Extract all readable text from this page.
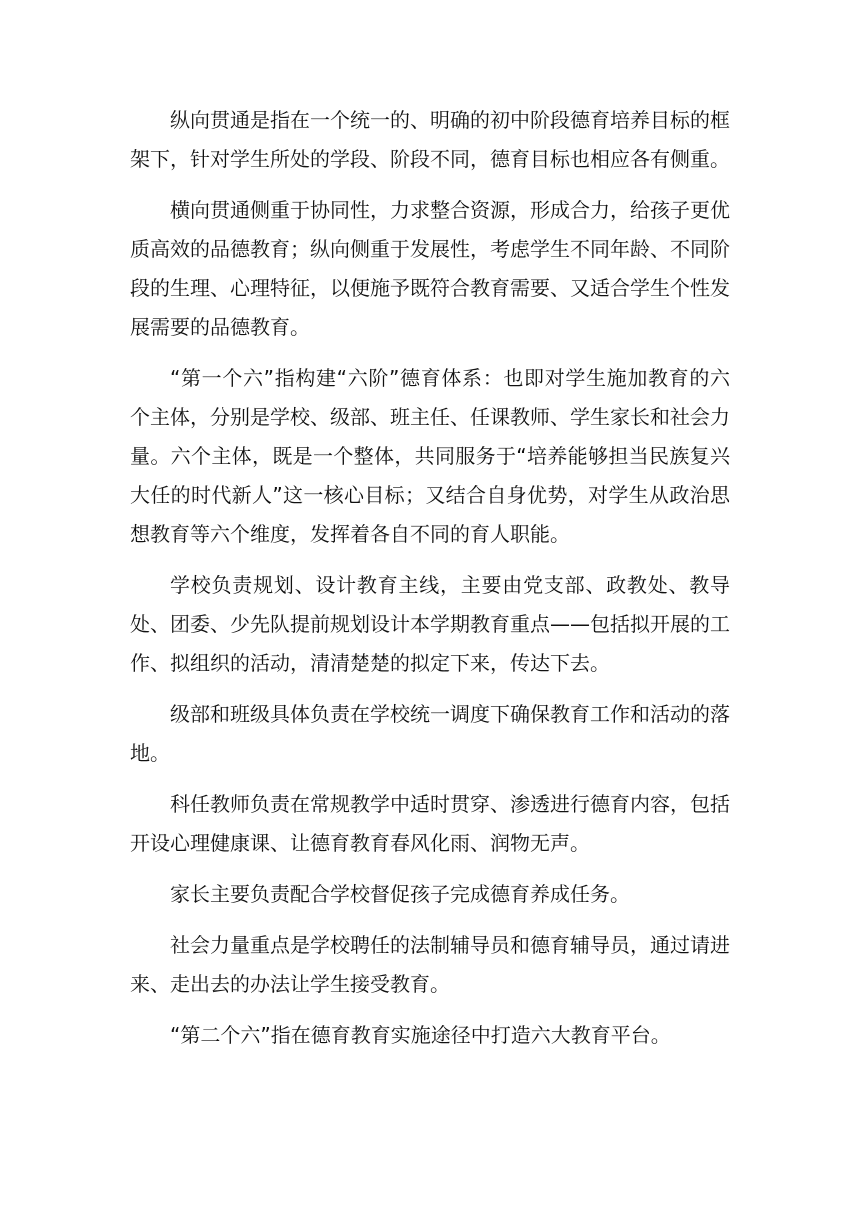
纵向贯通是指在一个统一的、明确的初中阶段德育培养目标的框架下，针对学生所处的学段、阶段不同，德育目标也相应各有侧重。

横向贯通侧重于协同性，力求整合资源，形成合力，给孩子更优质高效的品德教育；纵向侧重于发展性，考虑学生不同年龄、不同阶段的生理、心理特征，以便施予既符合教育需要、又适合学生个性发展需要的品德教育。

“第一个六”指构建“六阶”德育体系：也即对学生施加教育的六个主体，分别是学校、级部、班主任、任课教师、学生家长和社会力量。六个主体，既是一个整体，共同服务于“培养能够担当民族复兴大任的时代新人”这一核心目标；又结合自身优势，对学生从政治思想教育等六个维度，发挥着各自不同的育人职能。

学校负责规划、设计教育主线，主要由党支部、政教处、教导处、团委、少先队提前规划设计本学期教育重点——包括拟开展的工作、拟组织的活动，清清楚楚的拟定下来，传达下去。

级部和班级具体负责在学校统一调度下确保教育工作和活动的落地。

科任教师负责在常规教学中适时贯穿、渗透进行德育内容，包括开设心理健康课、让德育教育春风化雨、润物无声。

家长主要负责配合学校督促孩子完成德育养成任务。

社会力量重点是学校聘任的法制辅导员和德育辅导员，通过请进来、走出去的办法让学生接受教育。

“第二个六”指在德育教育实施途径中打造六大教育平台。
